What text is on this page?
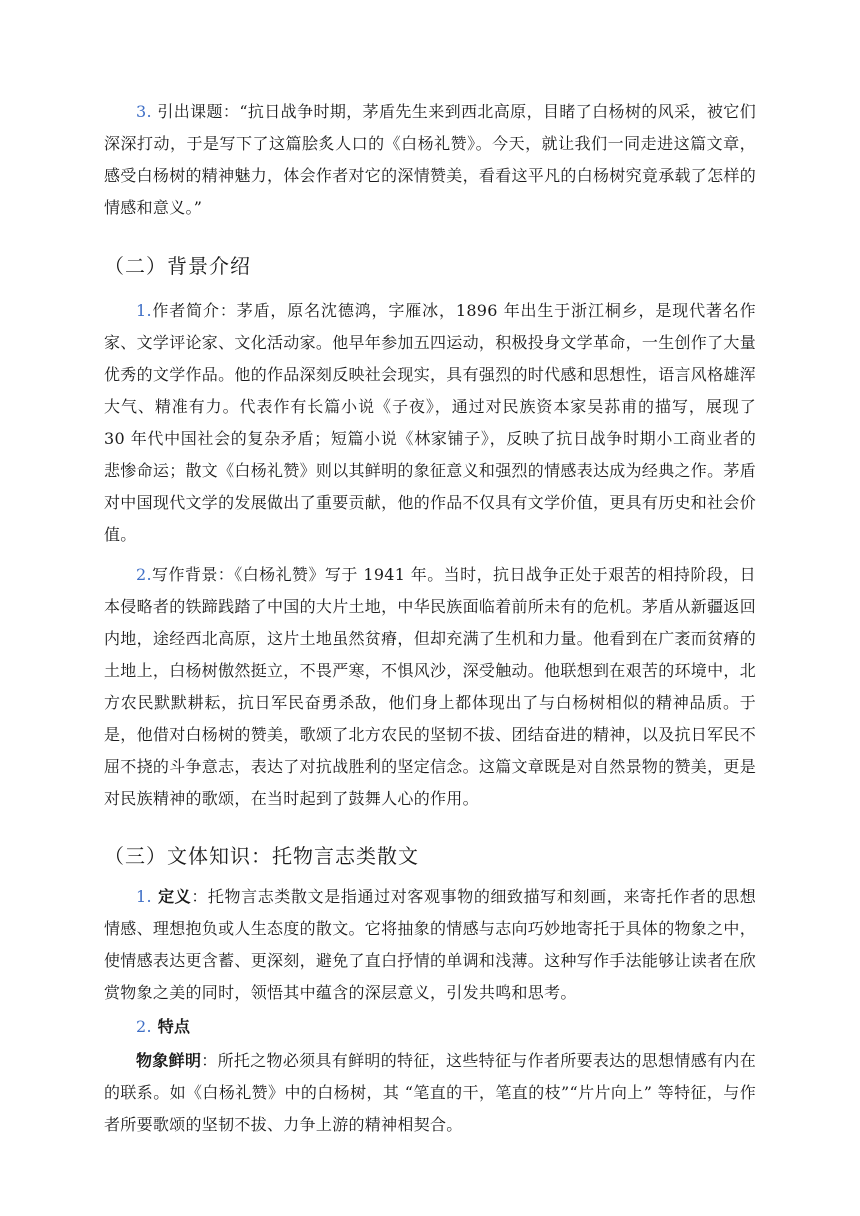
3. 引出课题：“抗日战争时期，茅盾先生来到西北高原，目睹了白杨树的风采，被它们深深打动，于是写下了这篇脍炙人口的《白杨礼赞》。今天，就让我们一同走进这篇文章，感受白杨树的精神魅力，体会作者对它的深情赞美，看看这平凡的白杨树究竟承载了怎样的情感和意义。”

（二）背景介绍

1.作者简介：茅盾，原名沈德鸿，字雁冰，1896 年出生于浙江桐乡，是现代著名作家、文学评论家、文化活动家。他早年参加五四运动，积极投身文学革命，一生创作了大量优秀的文学作品。他的作品深刻反映社会现实，具有强烈的时代感和思想性，语言风格雄浑大气、精准有力。代表作有长篇小说《子夜》，通过对民族资本家吴荪甫的描写，展现了 30 年代中国社会的复杂矛盾；短篇小说《林家铺子》，反映了抗日战争时期小工商业者的悲惨命运；散文《白杨礼赞》则以其鲜明的象征意义和强烈的情感表达成为经典之作。茅盾对中国现代文学的发展做出了重要贡献，他的作品不仅具有文学价值，更具有历史和社会价值。

2.写作背景：《白杨礼赞》写于 1941 年。当时，抗日战争正处于艰苦的相持阶段，日本侵略者的铁蹄践踏了中国的大片土地，中华民族面临着前所未有的危机。茅盾从新疆返回内地，途经西北高原，这片土地虽然贫瘠，但却充满了生机和力量。他看到在广袤而贫瘠的土地上，白杨树傲然挺立，不畏严寒，不惧风沙，深受触动。他联想到在艰苦的环境中，北方农民默默耕耘，抗日军民奋勇杀敌，他们身上都体现出了与白杨树相似的精神品质。于是，他借对白杨树的赞美，歌颂了北方农民的坚韧不拔、团结奋进的精神，以及抗日军民不屈不挠的斗争意志，表达了对抗战胜利的坚定信念。这篇文章既是对自然景物的赞美，更是对民族精神的歌颂，在当时起到了鼓舞人心的作用。

（三）文体知识：托物言志类散文

1. 定义：托物言志类散文是指通过对客观事物的细致描写和刻画，来寄托作者的思想情感、理想抱负或人生态度的散文。它将抽象的情感与志向巧妙地寄托于具体的物象之中，使情感表达更含蓄、更深刻，避免了直白抒情的单调和浅薄。这种写作手法能够让读者在欣赏物象之美的同时，领悟其中蕴含的深层意义，引发共鸣和思考。

2. 特点

物象鲜明：所托之物必须具有鲜明的特征，这些特征与作者所要表达的思想情感有内在的联系。如《白杨礼赞》中的白杨树，其 “笔直的干，笔直的枝”“片片向上” 等特征，与作者所要歌颂的坚韧不拔、力争上游的精神相契合。
